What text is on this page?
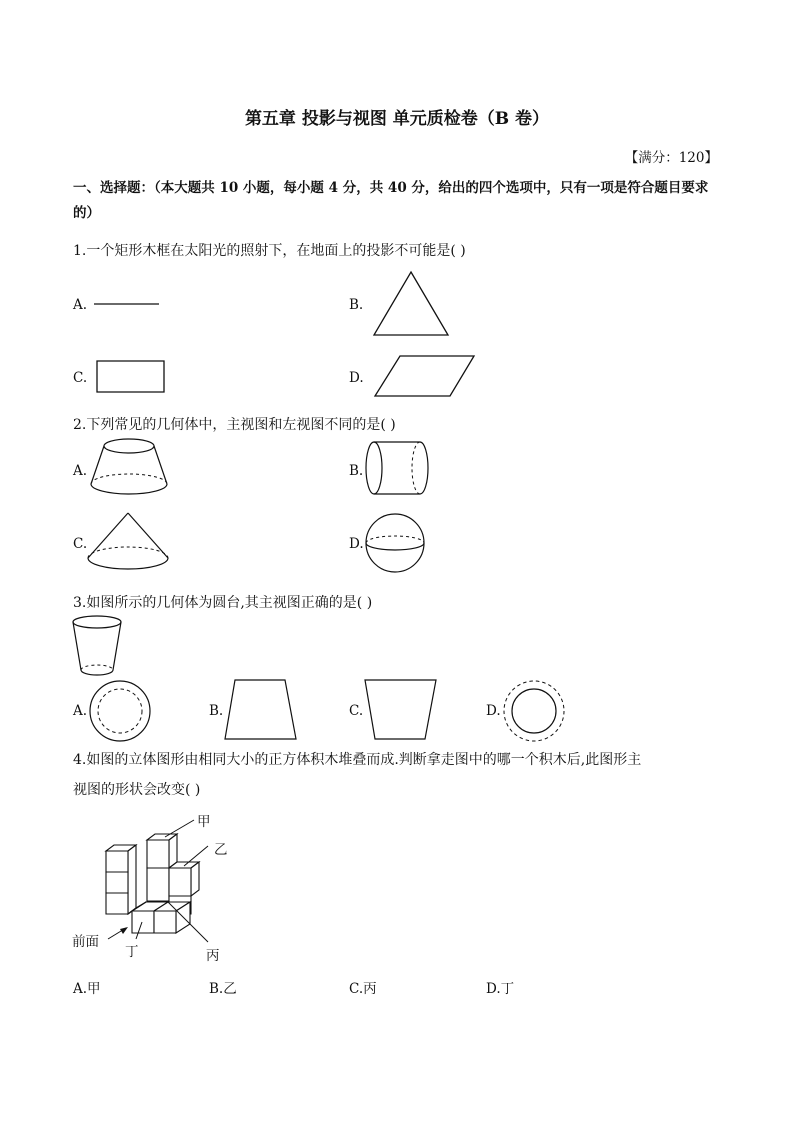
第五章 投影与视图 单元质检卷（B 卷）
【满分：120】
一、选择题：（本大题共 10 小题，每小题 4 分，共 40 分，给出的四个选项中，只有一项是符合题目要求的）
1.一个矩形木框在太阳光的照射下，在地面上的投影不可能是( )
A.	B.
C.	D.
2.下列常见的几何体中，主视图和左视图不同的是( )
A.	B.
C.	D.
3.如图所示的几何体为圆台,其主视图正确的是( )
A.	B.	C.	D.
4.如图的立体图形由相同大小的正方体积木堆叠而成.判断拿走图中的哪一个积木后,此图形主
视图的形状会改变( )
甲
乙
丁	丙
前面
A.甲	B.乙	C.丙	D.丁
